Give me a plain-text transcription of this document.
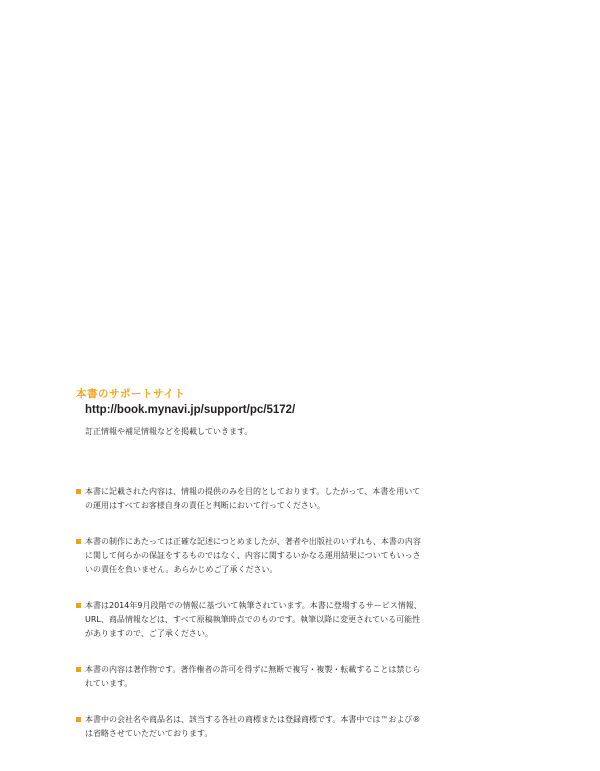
本書のサポートサイト
http://book.mynavi.jp/support/pc/5172/
訂正情報や補足情報などを掲載していきます。
本書に記載された内容は、情報の提供のみを目的としております。したがって、本書を用いての運用はすべてお客様自身の責任と判断において行ってください。
本書の制作にあたっては正確な記述につとめましたが、著者や出版社のいずれも、本書の内容に関して何らかの保証をするものではなく、内容に関するいかなる運用結果についてもいっさいの責任を負いません。あらかじめご了承ください。
本書は2014年9月段階での情報に基づいて執筆されています。本書に登場するサービス情報、URL、商品情報などは、すべて原稿執筆時点でのものです。執筆以降に変更されている可能性がありますので、ご了承ください。
本書の内容は著作物です。著作権者の許可を得ずに無断で複写・複製・転載することは禁じられています。
本書中の会社名や商品名は、該当する各社の商標または登録商標です。本書中では™および®は省略させていただいております。
